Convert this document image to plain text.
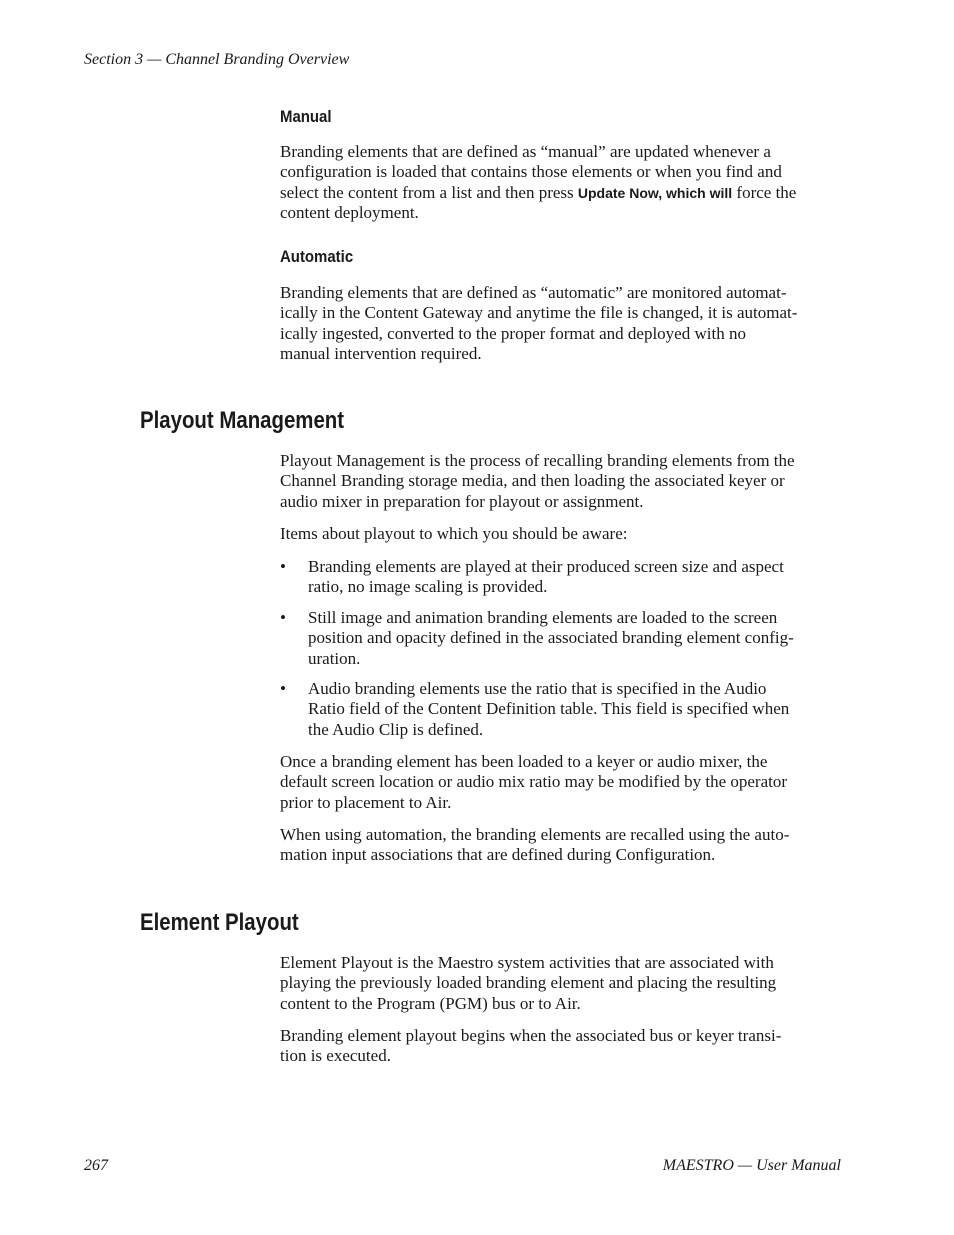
Section 3 — Channel Branding Overview
Manual

Branding elements that are defined as “manual” are updated whenever a
configuration is loaded that contains those elements or when you find and
select the content from a list and then press Update Now, which will force the
content deployment.

Automatic

Branding elements that are defined as “automatic” are monitored automat-
ically in the Content Gateway and anytime the file is changed, it is automat-
ically ingested, converted to the proper format and deployed with no
manual intervention required.

Playout Management

Playout Management is the process of recalling branding elements from the
Channel Branding storage media, and then loading the associated keyer or
audio mixer in preparation for playout or assignment.

Items about playout to which you should be aware:

• Branding elements are played at their produced screen size and aspect
ratio, no image scaling is provided.

• Still image and animation branding elements are loaded to the screen
position and opacity defined in the associated branding element config-
uration.

• Audio branding elements use the ratio that is specified in the Audio
Ratio field of the Content Definition table. This field is specified when
the Audio Clip is defined.

Once a branding element has been loaded to a keyer or audio mixer, the
default screen location or audio mix ratio may be modified by the operator
prior to placement to Air.

When using automation, the branding elements are recalled using the auto-
mation input associations that are defined during Configuration.

Element Playout

Element Playout is the Maestro system activities that are associated with
playing the previously loaded branding element and placing the resulting
content to the Program (PGM) bus or to Air.

Branding element playout begins when the associated bus or keyer transi-
tion is executed.

267	MAESTRO — User Manual
